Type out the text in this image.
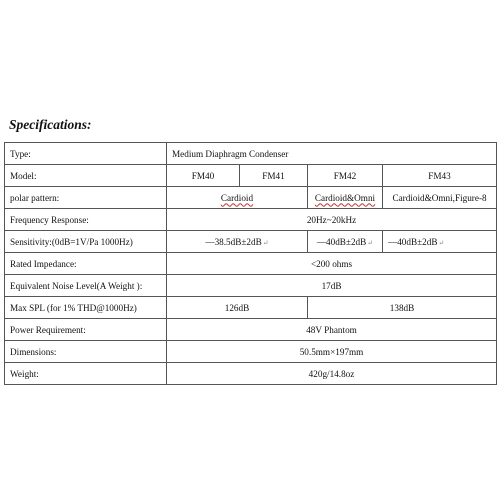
Specifications:
Type:	Medium Diaphragm Condenser			
Model:	FM40	FM41	FM42	FM43
polar pattern:	Cardioid		Cardioid&Omni	Cardioid&Omni,Figure-8
Frequency Response:	20Hz~20kHz			
Sensitivity:(0dB=1V/Pa 1000Hz)	—38.5dB±2dB↵		—40dB±2dB↵	—40dB±2dB↵
Rated Impedance:	<200 ohms			
Equivalent Noise Level(A Weight ):	17dB			
Max SPL (for 1% THD@1000Hz)	126dB		138dB	
Power Requirement:	48V Phantom			
Dimensions:	50.5mm×197mm			
Weight:	420g/14.8oz			
